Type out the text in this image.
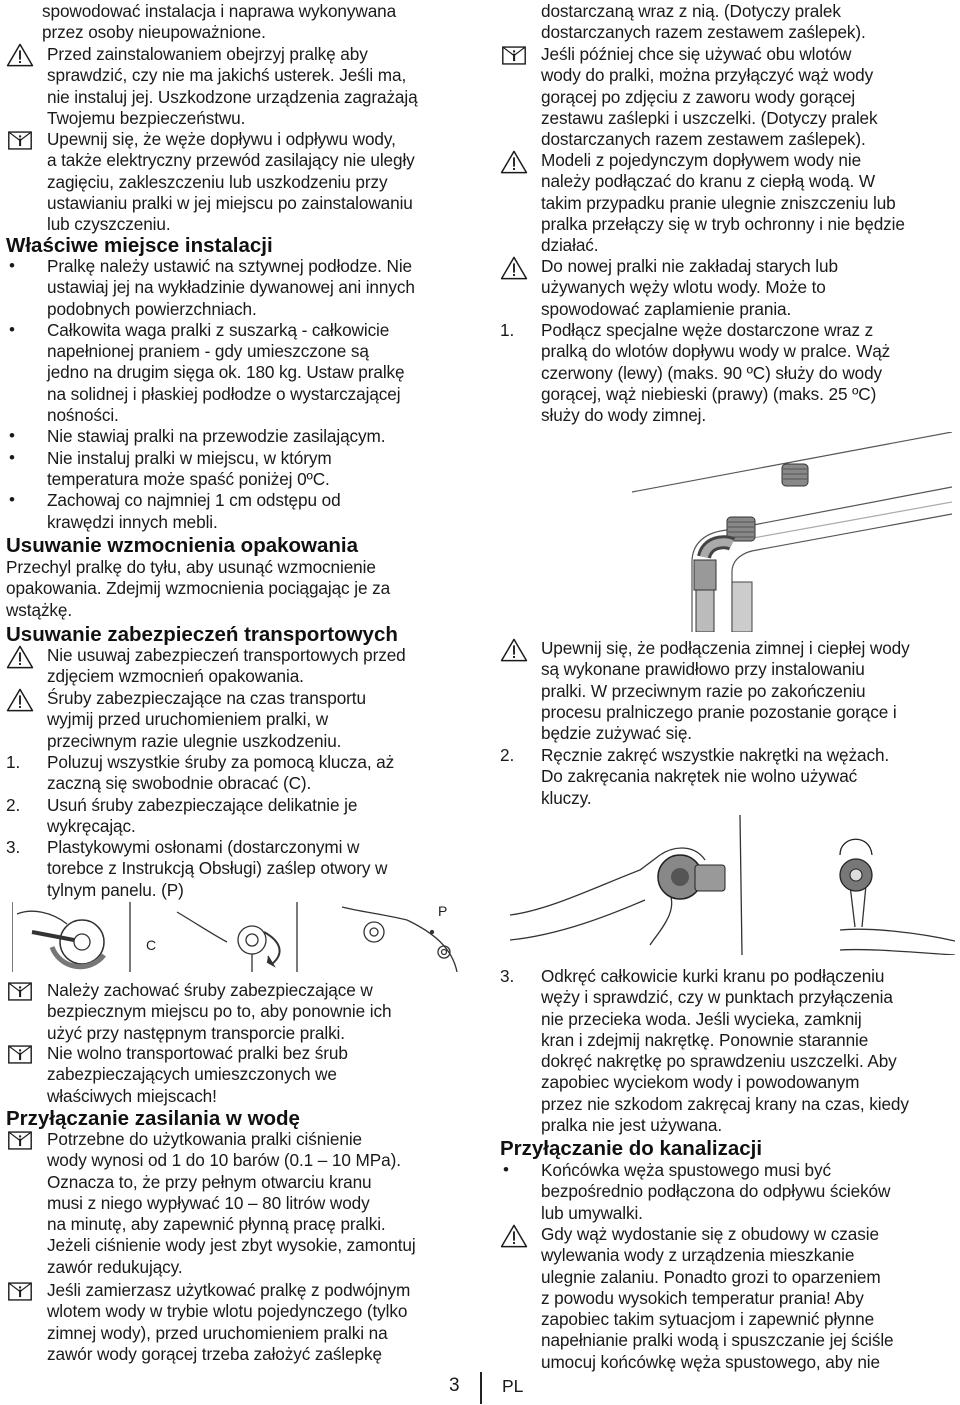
spowodować instalacja i naprawa wykonywana
przez osoby nieupoważnione.
Przed zainstalowaniem obejrzyj pralkę aby
sprawdzić, czy nie ma jakichś usterek. Jeśli ma,
nie instaluj jej. Uszkodzone urządzenia zagrażają
Twojemu bezpieczeństwu.
Upewnij się, że węże dopływu i odpływu wody,
a także elektryczny przewód zasilający nie uległy
zagięciu, zakleszczeniu lub uszkodzeniu przy
ustawianiu pralki w jej miejscu po zainstalowaniu
lub czyszczeniu.
Właściwe miejsce instalacji
• Pralkę należy ustawić na sztywnej podłodze. Nie
ustawiaj jej na wykładzinie dywanowej ani innych
podobnych powierzchniach.
• Całkowita waga pralki z suszarką - całkowicie
napełnionej praniem - gdy umieszczone są
jedno na drugim sięga ok. 180 kg. Ustaw pralkę
na solidnej i płaskiej podłodze o wystarczającej
nośności.
• Nie stawiaj pralki na przewodzie zasilającym.
• Nie instaluj pralki w miejscu, w którym
temperatura może spaść poniżej 0ºC.
• Zachowaj co najmniej 1 cm odstępu od
krawędzi innych mebli.
Usuwanie wzmocnienia opakowania
Przechyl pralkę do tyłu, aby usunąć wzmocnienie
opakowania. Zdejmij wzmocnienia pociągając je za
wstążkę.
Usuwanie zabezpieczeń transportowych
Nie usuwaj zabezpieczeń transportowych przed
zdjęciem wzmocnień opakowania.
Śruby zabezpieczające na czas transportu
wyjmij przed uruchomieniem pralki, w
przeciwnym razie ulegnie uszkodzeniu.
1. Poluzuj wszystkie śruby za pomocą klucza, aż
zaczną się swobodnie obracać (C).
2. Usuń śruby zabezpieczające delikatnie je
wykręcając.
3. Plastykowymi osłonami (dostarczonymi w
torebce z Instrukcją Obsługi) zaślep otwory w
tylnym panelu. (P)
C
P
Należy zachować śruby zabezpieczające w
bezpiecznym miejscu po to, aby ponownie ich
użyć przy następnym transporcie pralki.
Nie wolno transportować pralki bez śrub
zabezpieczających umieszczonych we
właściwych miejscach!
Przyłączanie zasilania w wodę
Potrzebne do użytkowania pralki ciśnienie
wody wynosi od 1 do 10 barów (0.1 – 10 MPa).
Oznacza to, że przy pełnym otwarciu kranu
musi z niego wypływać 10 – 80 litrów wody
na minutę, aby zapewnić płynną pracę pralki.
Jeżeli ciśnienie wody jest zbyt wysokie, zamontuj
zawór redukujący.
Jeśli zamierzasz użytkować pralkę z podwójnym
wlotem wody w trybie wlotu pojedynczego (tylko
zimnej wody), przed uruchomieniem pralki na
zawór wody gorącej trzeba założyć zaślepkę
dostarczaną wraz z nią. (Dotyczy pralek
dostarczanych razem zestawem zaślepek).
Jeśli później chce się używać obu wlotów
wody do pralki, można przyłączyć wąż wody
gorącej po zdjęciu z zaworu wody gorącej
zestawu zaślepki i uszczelki. (Dotyczy pralek
dostarczanych razem zestawem zaślepek).
Modeli z pojedynczym dopływem wody nie
należy podłączać do kranu z ciepłą wodą. W
takim przypadku pranie ulegnie zniszczeniu lub
pralka przełączy się w tryb ochronny i nie będzie
działać.
Do nowej pralki nie zakładaj starych lub
używanych węży wlotu wody. Może to
spowodować zaplamienie prania.
1. Podłącz specjalne węże dostarczone wraz z
pralką do wlotów dopływu wody w pralce. Wąż
czerwony (lewy) (maks. 90 ºC) służy do wody
gorącej, wąż niebieski (prawy) (maks. 25 ºC)
służy do wody zimnej.
Upewnij się, że podłączenia zimnej i ciepłej wody
są wykonane prawidłowo przy instalowaniu
pralki. W przeciwnym razie po zakończeniu
procesu pralniczego pranie pozostanie gorące i
będzie zużywać się.
2. Ręcznie zakręć wszystkie nakrętki na wężach.
Do zakręcania nakrętek nie wolno używać
kluczy.
3. Odkręć całkowicie kurki kranu po podłączeniu
węży i sprawdzić, czy w punktach przyłączenia
nie przecieka woda. Jeśli wycieka, zamknij
kran i zdejmij nakrętkę. Ponownie starannie
dokręć nakrętkę po sprawdzeniu uszczelki. Aby
zapobiec wyciekom wody i powodowanym
przez nie szkodom zakręcaj krany na czas, kiedy
pralka nie jest używana.
Przyłączanie do kanalizacji
• Końcówka węża spustowego musi być
bezpośrednio podłączona do odpływu ścieków
lub umywalki.
Gdy wąż wydostanie się z obudowy w czasie
wylewania wody z urządzenia mieszkanie
ulegnie zalaniu. Ponadto grozi to oparzeniem
z powodu wysokich temperatur prania! Aby
zapobiec takim sytuacjom i zapewnić płynne
napełnianie pralki wodą i spuszczanie jej ściśle
umocuj końcówkę węża spustowego, aby nie
3 PL
